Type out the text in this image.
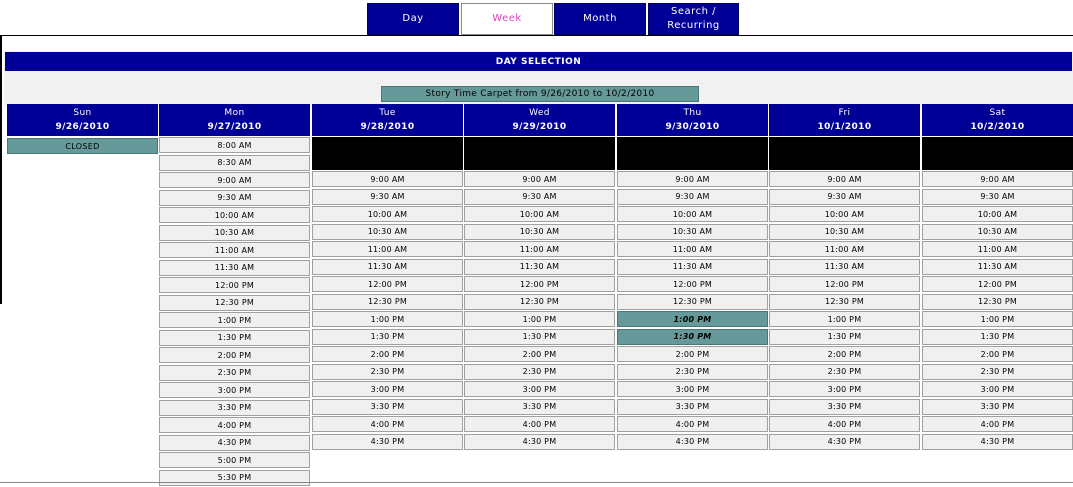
Day	Week	Month
Search / Recurring
DAY SELECTION
Story Time Carpet from 9/26/2010 to 10/2/2010
Sun
9/26/2010
CLOSED
Mon
9/27/2010
8:00 AM
8:30 AM
9:00 AM
9:30 AM
10:00 AM
10:30 AM
11:00 AM
11:30 AM
12:00 PM
12:30 PM
1:00 PM
1:30 PM
2:00 PM
2:30 PM
3:00 PM
3:30 PM
4:00 PM
4:30 PM
5:00 PM
5:30 PM
Tue
9/28/2010
9:00 AM
9:30 AM
10:00 AM
10:30 AM
11:00 AM
11:30 AM
12:00 PM
12:30 PM
1:00 PM
1:30 PM
2:00 PM
2:30 PM
3:00 PM
3:30 PM
4:00 PM
4:30 PM
Wed
9/29/2010
9:00 AM
9:30 AM
10:00 AM
10:30 AM
11:00 AM
11:30 AM
12:00 PM
12:30 PM
1:00 PM
1:30 PM
2:00 PM
2:30 PM
3:00 PM
3:30 PM
4:00 PM
4:30 PM
Thu
9/30/2010
9:00 AM
9:30 AM
10:00 AM
10:30 AM
11:00 AM
11:30 AM
12:00 PM
12:30 PM
1:00 PM
1:30 PM
2:00 PM
2:30 PM
3:00 PM
3:30 PM
4:00 PM
4:30 PM
Fri
10/1/2010
9:00 AM
9:30 AM
10:00 AM
10:30 AM
11:00 AM
11:30 AM
12:00 PM
12:30 PM
1:00 PM
1:30 PM
2:00 PM
2:30 PM
3:00 PM
3:30 PM
4:00 PM
4:30 PM
Sat
10/2/2010
9:00 AM
9:30 AM
10:00 AM
10:30 AM
11:00 AM
11:30 AM
12:00 PM
12:30 PM
1:00 PM
1:30 PM
2:00 PM
2:30 PM
3:00 PM
3:30 PM
4:00 PM
4:30 PM
